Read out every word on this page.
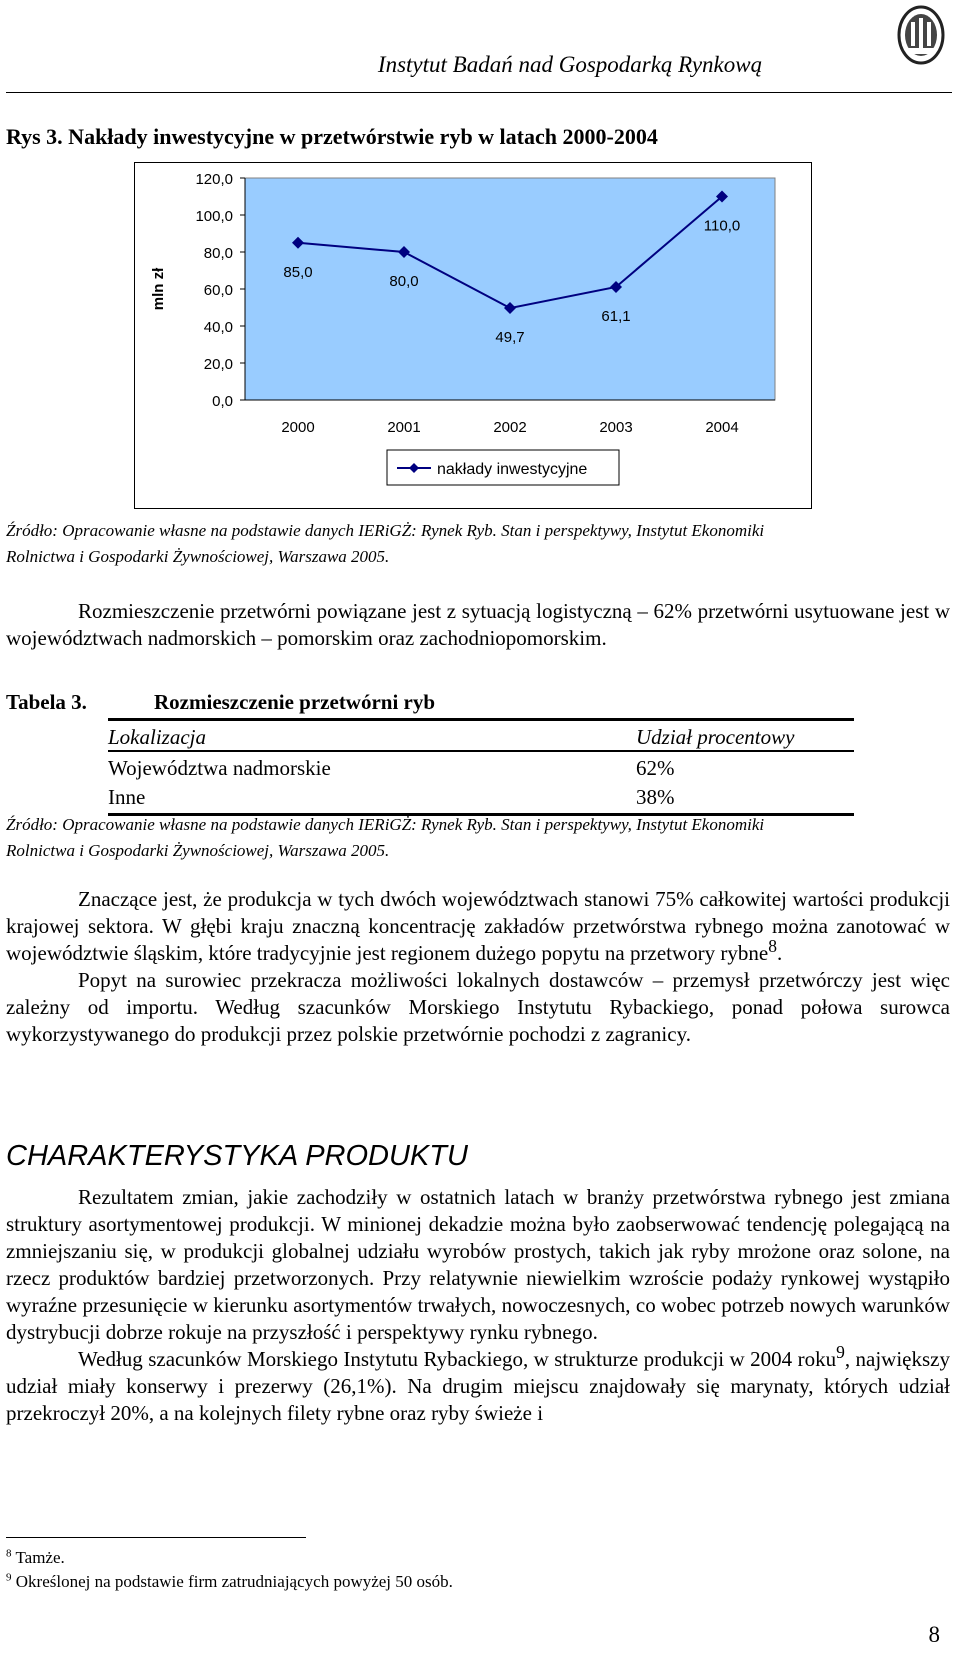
Instytut Badań nad Gospodarką Rynkową
Rys 3. Nakłady inwestycyjne w przetwórstwie ryb w latach 2000-2004
0,0
20,0
40,0
60,0
80,0
100,0
120,0
2000	2001	2002	2003	2004
85,0
80,0
49,7
61,1
110,0
mln zł
nakłady inwestycyjne
Źródło: Opracowanie własne na podstawie danych IERiGŻ: Rynek Ryb. Stan i perspektywy, Instytut Ekonomiki
Rolnictwa i Gospodarki Żywnościowej, Warszawa 2005.

Rozmieszczenie przetwórni powiązane jest z sytuacją logistyczną – 62% przetwórni usytuowane jest w województwach nadmorskich – pomorskim oraz zachodniopomorskim.

Tabela 3.	Rozmieszczenie przetwórni ryb
Lokalizacja	Udział procentowy
Województwa nadmorskie	62%
Inne	38%
Źródło: Opracowanie własne na podstawie danych IERiGŻ: Rynek Ryb. Stan i perspektywy, Instytut Ekonomiki
Rolnictwa i Gospodarki Żywnościowej, Warszawa 2005.

Znaczące jest, że produkcja w tych dwóch województwach stanowi 75% całkowitej wartości produkcji krajowej sektora. W głębi kraju znaczną koncentrację zakładów przetwórstwa rybnego można zanotować w województwie śląskim, które tradycyjnie jest regionem dużego popytu na przetwory rybne$^8$.

Popyt na surowiec przekracza możliwości lokalnych dostawców – przemysł przetwórczy jest więc zależny od importu. Według szacunków Morskiego Instytutu Rybackiego, ponad połowa surowca wykorzystywanego do produkcji przez polskie przetwórnie pochodzi z zagranicy.

CHARAKTERYSTYKA PRODUKTU

Rezultatem zmian, jakie zachodziły w ostatnich latach w branży przetwórstwa rybnego jest zmiana struktury asortymentowej produkcji. W minionej dekadzie można było zaobserwować tendencję polegającą na zmniejszaniu się, w produkcji globalnej udziału wyrobów prostych, takich jak ryby mrożone oraz solone, na rzecz produktów bardziej przetworzonych. Przy relatywnie niewielkim wzroście podaży rynkowej wystąpiło wyraźne przesunięcie w kierunku asortymentów trwałych, nowoczesnych, co wobec potrzeb nowych warunków dystrybucji dobrze rokuje na przyszłość i perspektywy rynku rybnego.

Według szacunków Morskiego Instytutu Rybackiego, w strukturze produkcji w 2004 roku$^9$, największy udział miały konserwy i prezerwy (26,1%). Na drugim miejscu znajdowały się marynaty, których udział przekroczył 20%, a na kolejnych filety rybne oraz ryby świeże i

$^8$ Tamże.
$^9$ Określonej na podstawie firm zatrudniających powyżej 50 osób.
8
